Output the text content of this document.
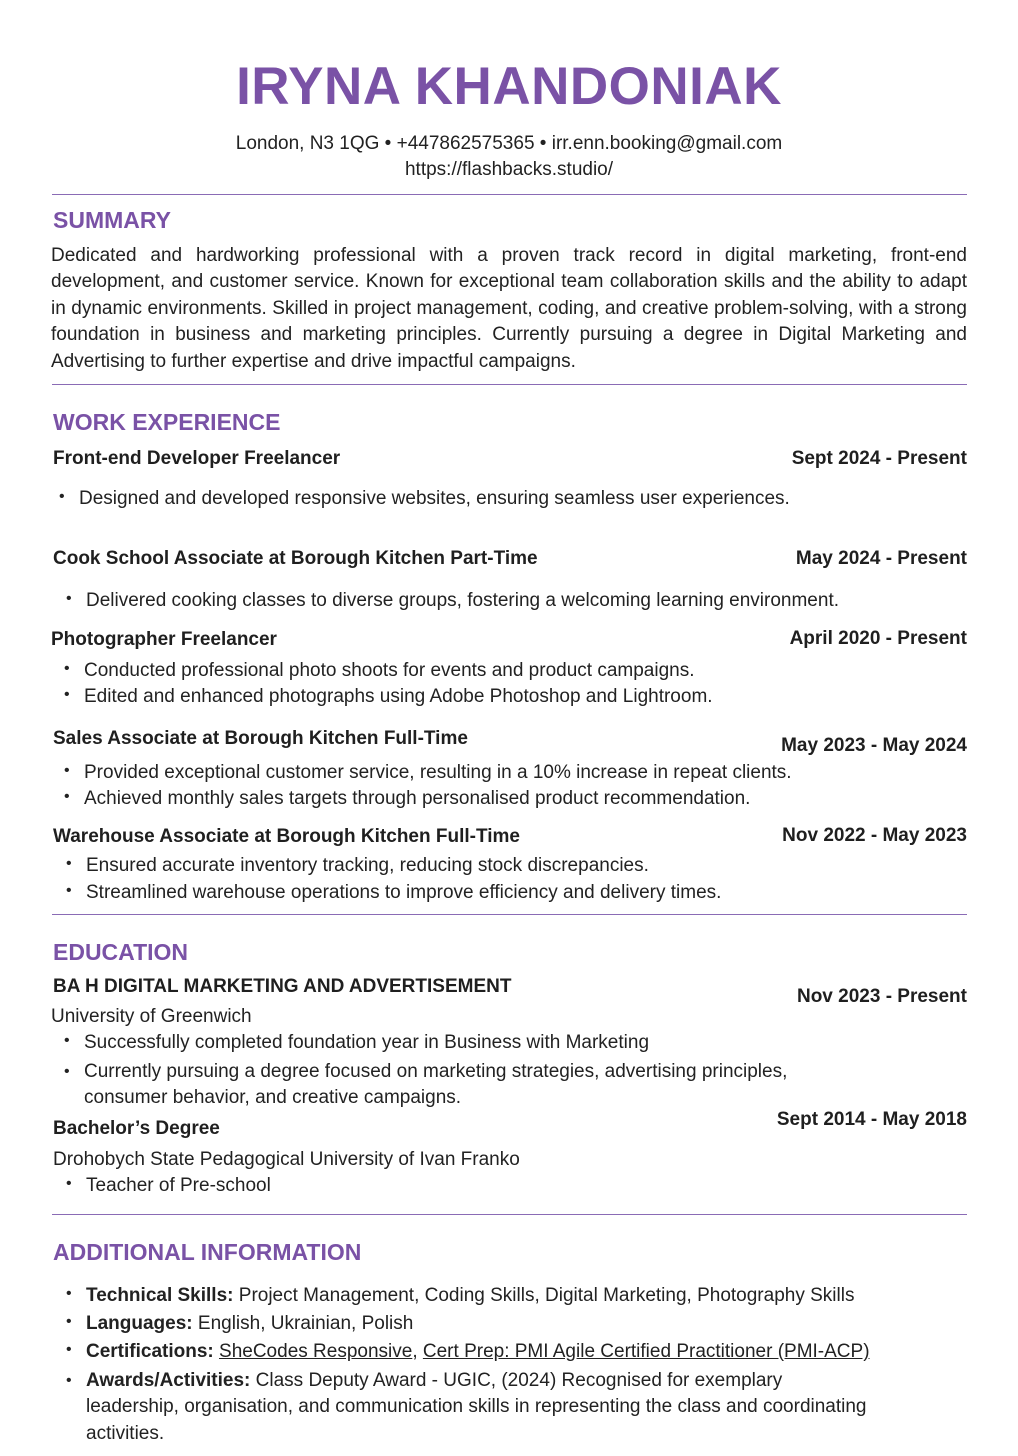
IRYNA KHANDONIAK
London, N3 1QG • +447862575365 • irr.enn.booking@gmail.com
https://flashbacks.studio/
SUMMARY
Dedicated and hardworking professional with a proven track record in digital marketing, front-end development, and customer service. Known for exceptional team collaboration skills and the ability to adapt in dynamic environments. Skilled in project management, coding, and creative problem-solving, with a strong foundation in business and marketing principles. Currently pursuing a degree in Digital Marketing and Advertising to further expertise and drive impactful campaigns.
WORK EXPERIENCE
Front-end Developer Freelancer	Sept 2024 - Present
• Designed and developed responsive websites, ensuring seamless user experiences.
Cook School Associate at Borough Kitchen Part-Time	May 2024 - Present
• Delivered cooking classes to diverse groups, fostering a welcoming learning environment.
Photographer Freelancer	April 2020 - Present
• Conducted professional photo shoots for events and product campaigns.
• Edited and enhanced photographs using Adobe Photoshop and Lightroom.
Sales Associate at Borough Kitchen Full-Time	May 2023 - May 2024
• Provided exceptional customer service, resulting in a 10% increase in repeat clients.
• Achieved monthly sales targets through personalised product recommendation.
Warehouse Associate at Borough Kitchen Full-Time	Nov 2022 - May 2023
• Ensured accurate inventory tracking, reducing stock discrepancies.
• Streamlined warehouse operations to improve efficiency and delivery times.
EDUCATION
BA H DIGITAL MARKETING AND ADVERTISEMENT	Nov 2023 - Present
University of Greenwich
• Successfully completed foundation year in Business with Marketing
• Currently pursuing a degree focused on marketing strategies, advertising principles, consumer behavior, and creative campaigns.
Bachelor’s Degree	Sept 2014 - May 2018
Drohobych State Pedagogical University of Ivan Franko
• Teacher of Pre-school
ADDITIONAL INFORMATION
• Technical Skills: Project Management, Coding Skills, Digital Marketing, Photography Skills
• Languages: English, Ukrainian, Polish
• Certifications: SheCodes Responsive, Cert Prep: PMI Agile Certified Practitioner (PMI-ACP)
• Awards/Activities: Class Deputy Award - UGIC, (2024) Recognised for exemplary leadership, organisation, and communication skills in representing the class and coordinating activities.
